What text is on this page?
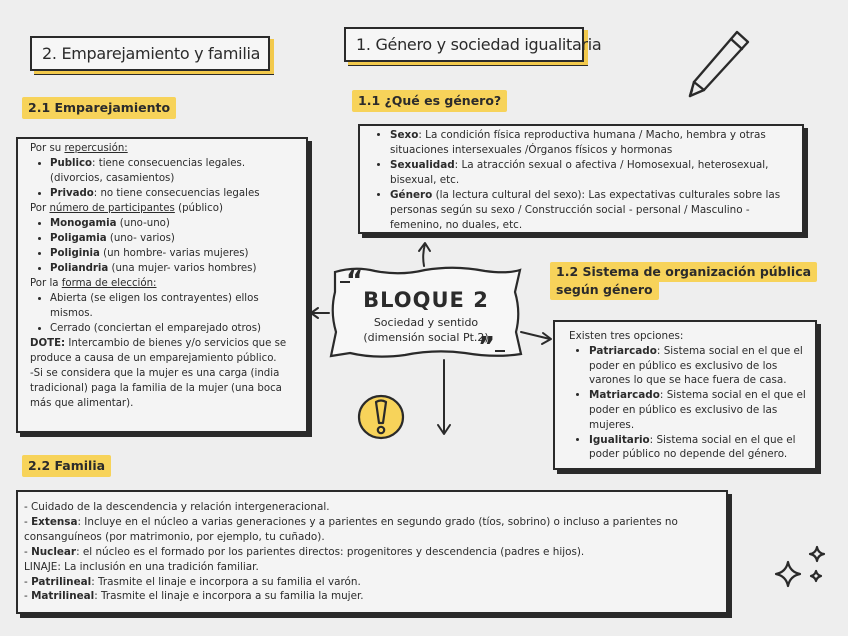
1. Género y sociedad igualitaria
2. Emparejamiento y familia
1.1 ¿Qué es género?
2.1 Emparejamiento
1.2 Sistema de organización pública
según género
2.2 Familia
• Sexo: La condición física reproductiva humana / Macho, hembra y otras situaciones intersexuales /Órganos físicos y hormonas
• Sexualidad: La atracción sexual o afectiva / Homosexual, heterosexual, bisexual, etc.
• Género (la lectura cultural del sexo): Las expectativas culturales sobre las personas según su sexo / Construcción social - personal / Masculino - femenino, no duales, etc.
Por su repercusión:
• Publico: tiene consecuencias legales. (divorcios, casamientos)
• Privado: no tiene consecuencias legales
Por número de participantes (público)
• Monogamia (uno-uno)
• Poligamia (uno- varios)
• Poliginia (un hombre- varias mujeres)
• Poliandria (una mujer- varios hombres)
Por la forma de elección:
• Abierta (se eligen los contrayentes) ellos mismos.
• Cerrado (conciertan el emparejado otros)
DOTE: Intercambio de bienes y/o servicios que se produce a causa de un emparejamiento público.
-Si se considera que la mujer es una carga (india tradicional) paga la familia de la mujer (una boca más que alimentar).
“
”
BLOQUE 2
Sociedad y sentido
(dimensión social Pt.2)	Existen tres opciones:
• Patriarcado: Sistema social en el que el poder en público es exclusivo de los varones lo que se hace fuera de casa.
• Matriarcado: Sistema social en el que el poder en público es exclusivo de las mujeres.
• Igualitario: Sistema social en el que el poder público no depende del género.
- Cuidado de la descendencia y relación intergeneracional.
- Extensa: Incluye en el núcleo a varias generaciones y a parientes en segundo grado (tíos, sobrino) o incluso a parientes no consanguíneos (por matrimonio, por ejemplo, tu cuñado).
- Nuclear: el núcleo es el formado por los parientes directos: progenitores y descendencia (padres e hijos).
LINAJE: La inclusión en una tradición familiar.
- Patrilineal: Trasmite el linaje e incorpora a su familia el varón.
- Matrilineal: Trasmite el linaje e incorpora a su familia la mujer.
